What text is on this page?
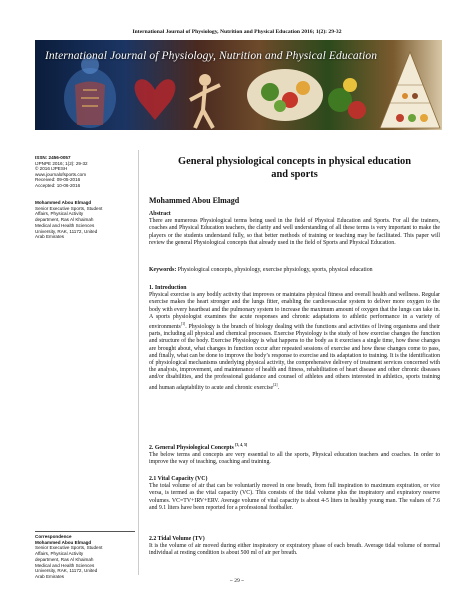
International Journal of Physiology, Nutrition and Physical Education 2016; 1(2): 29-32
International Journal of Physiology, Nutrition and Physical Education
ISSN: 2456-0057
IJPNPE 2016; 1(2): 29-32
© 2016 IJPESH
www.journalofsports.com
Received: 09-05-2016
Accepted: 10-06-2016
Mohammed Abou Elmagd
Senior Executive Sports, Student
Affairs, Physical Activity
department, Ras Al Khaimah
Medical and Health Sciences
University, RAK, 11172, United
Arab Emirates
Correspondence
Mohammed Abou Elmagd
Senior Executive Sports, Student
Affairs, Physical Activity
department, Ras Al Khaimah
Medical and Health Sciences
University, RAK, 11172, United
Arab Emirates
General physiological concepts in physical education
and sports
Mohammed Abou Elmagd

Abstract

There are numerous Physiological terms being used in the field of Physical Education and Sports. For all the trainers, coaches and Physical Education teachers, the clarity and well understanding of all these terms is very important to make the players or the students understand fully, so that better methods of training or teaching may be facilitated. This paper will review the general Physiological concepts that already used in the field of Sports and Physical Education.

Keywords: Physiological concepts, physiology, exercise physiology, sports, physical education

1. Introduction

Physical exercise is any bodily activity that improves or maintains physical fitness and overall health and wellness. Regular exercise makes the heart stronger and the lungs fitter, enabling the cardiovascular system to deliver more oxygen to the body with every heartbeat and the pulmonary system to increase the maximum amount of oxygen that the lungs can take in. A sports physiologist examines the acute responses and chronic adaptations to athletic performance in a variety of environments[1]. Physiology is the branch of biology dealing with the functions and activities of living organisms and their parts, including all physical and chemical processes. Exercise Physiology is the study of how exercise changes the function and structure of the body. Exercise Physiology is what happens to the body as it exercises a single time, how these changes are brought about, what changes in function occur after repeated sessions of exercise and how these changes come to pass, and finally, what can be done to improve the body’s response to exercise and its adaptation to training. It is the identification of physiological mechanisms underlying physical activity, the comprehensive delivery of treatment services concerned with the analysis, improvement, and maintenance of health and fitness, rehabilitation of heart disease and other chronic diseases and/or disabilities, and the professional guidance and counsel of athletes and others interested in athletics, sports training and human adaptability to acute and chronic exercise[2].

2. General Physiological Concepts [3, 4, 5]

The below terms and concepts are very essential to all the sports, Physical education teachers and coaches. In order to improve the way of teaching, coaching and training.

2.1 Vital Capacity (VC)

The total volume of air that can be voluntarily moved in one breath, from full inspiration to maximum expiration, or vice versa, is termed as the vital capacity (VC). This consists of the tidal volume plus the inspiratory and expiratory reserve volumes. VC=TV+IRV+ERV. Average volume of vital capacity is about 4-5 liters in healthy young man. The values of 7.6 and 9.1 liters have been reported for a professional footballer.

2.2 Tidal Volume (TV)

It is the volume of air moved during either inspiratory or expiratory phase of each breath. Average tidal volume of normal individual at resting condition is about 500 ml of air per breath.

~ 29 ~
